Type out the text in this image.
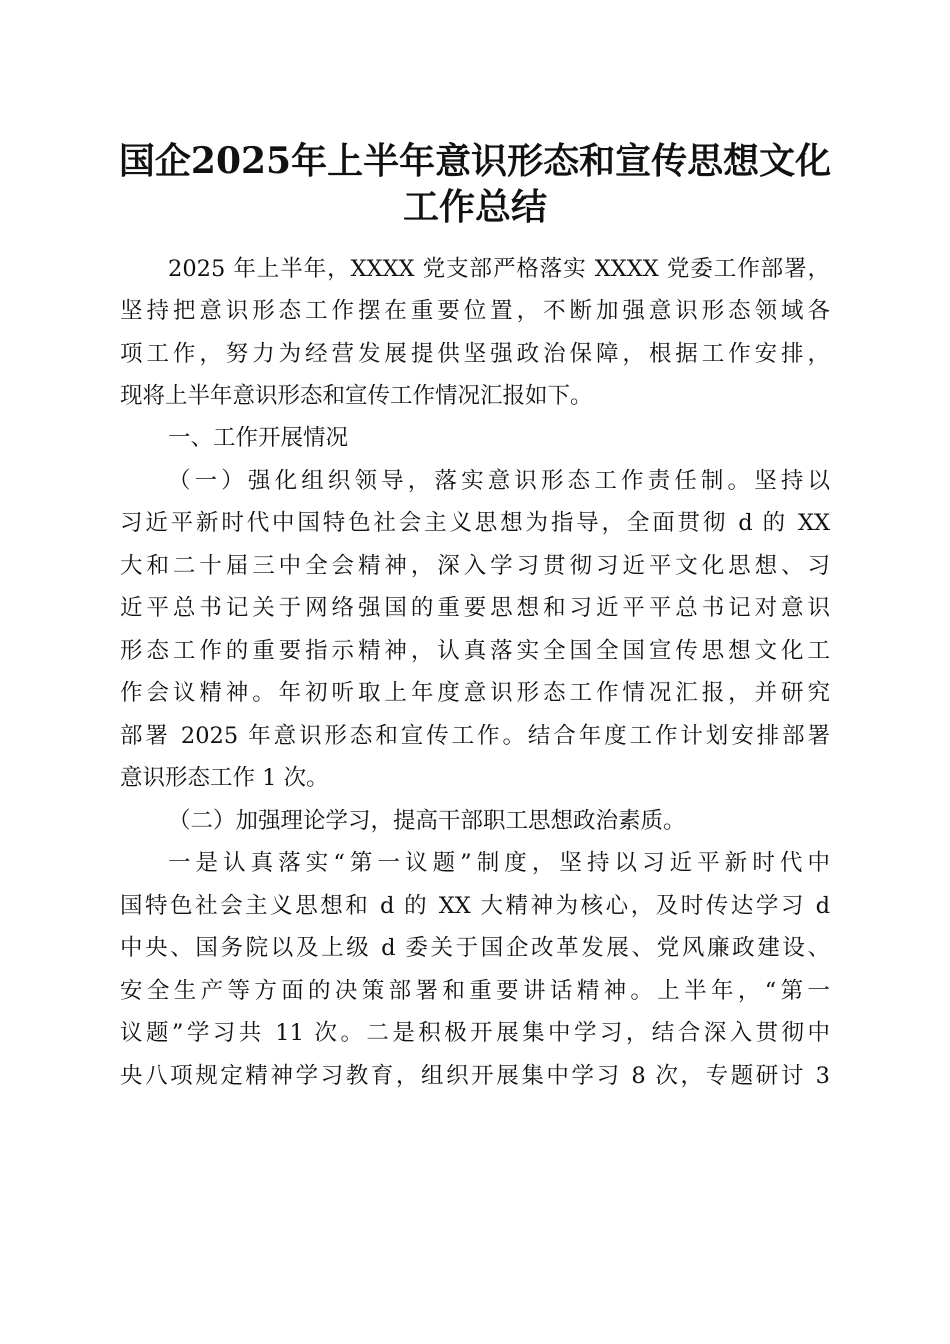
国企2025年上半年意识形态和宣传思想文化
工作总结
2025 年上半年，XXXX 党支部严格落实 XXXX 党委工作部署，
坚持把意识形态工作摆在重要位置，不断加强意识形态领域各
项工作，努力为经营发展提供坚强政治保障，根据工作安排，
现将上半年意识形态和宣传工作情况汇报如下。
一、工作开展情况
（一）强化组织领导，落实意识形态工作责任制。坚持以
习近平新时代中国特色社会主义思想为指导，全面贯彻 d 的 XX
大和二十届三中全会精神，深入学习贯彻习近平文化思想、习
近平总书记关于网络强国的重要思想和习近平平总书记对意识
形态工作的重要指示精神，认真落实全国全国宣传思想文化工
作会议精神。年初听取上年度意识形态工作情况汇报，并研究
部署 2025 年意识形态和宣传工作。结合年度工作计划安排部署
意识形态工作 1 次。
（二）加强理论学习，提高干部职工思想政治素质。
一是认真落实“第一议题”制度，坚持以习近平新时代中
国特色社会主义思想和 d 的 XX 大精神为核心，及时传达学习 d
中央、国务院以及上级 d 委关于国企改革发展、党风廉政建设、
安全生产等方面的决策部署和重要讲话精神。上半年，“第一
议题”学习共 11 次。二是积极开展集中学习，结合深入贯彻中
央八项规定精神学习教育，组织开展集中学习 8 次，专题研讨 3
